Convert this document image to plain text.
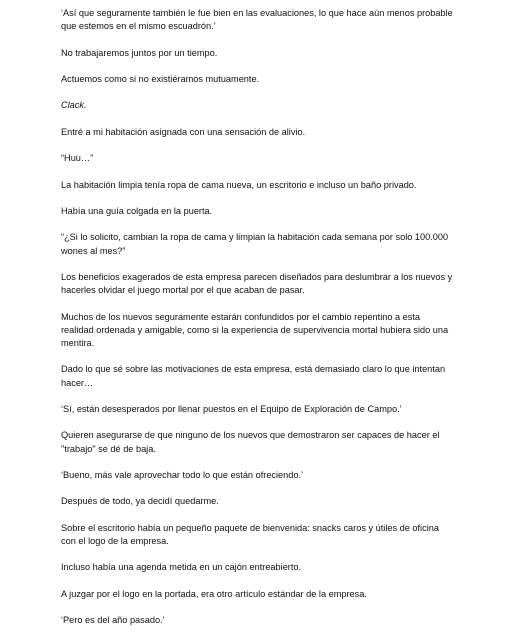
‘Así que seguramente también le fue bien en las evaluaciones, lo que hace aún menos probable que estemos en el mismo escuadrón.’

No trabajaremos juntos por un tiempo.

Actuemos como si no existiéramos mutuamente.

Clack.

Entré a mi habitación asignada con una sensación de alivio.

“Huu…”

La habitación limpia tenía ropa de cama nueva, un escritorio e incluso un baño privado.

Había una guía colgada en la puerta.

“¿Si lo solicito, cambian la ropa de cama y limpian la habitación cada semana por solo 100.000 wones al mes?”

Los beneficios exagerados de esta empresa parecen diseñados para deslumbrar a los nuevos y hacerles olvidar el juego mortal por el que acaban de pasar.

Muchos de los nuevos seguramente estarán confundidos por el cambio repentino a esta realidad ordenada y amigable, como si la experiencia de supervivencia mortal hubiera sido una mentira.

Dado lo que sé sobre las motivaciones de esta empresa, está demasiado claro lo que intentan hacer…

‘Sí, están desesperados por llenar puestos en el Equipo de Exploración de Campo.’

Quieren asegurarse de que ninguno de los nuevos que demostraron ser capaces de hacer el "trabajo" se dé de baja.

‘Bueno, más vale aprovechar todo lo que están ofreciendo.’

Después de todo, ya decidí quedarme.

Sobre el escritorio había un pequeño paquete de bienvenida: snacks caros y útiles de oficina con el logo de la empresa.

Incluso había una agenda metida en un cajón entreabierto.

A juzgar por el logo en la portada, era otro artículo estándar de la empresa.

‘Pero es del año pasado.’
